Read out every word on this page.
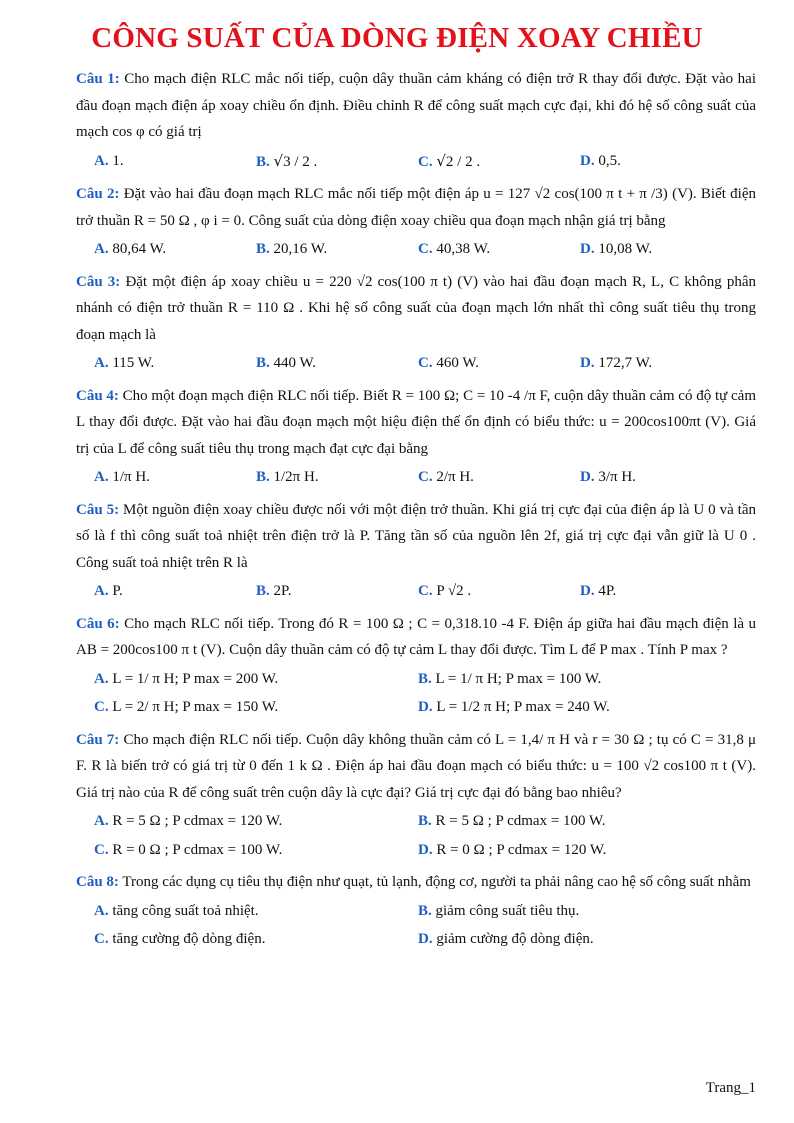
CÔNG SUẤT CỦA DÒNG ĐIỆN XOAY CHIỀU
Câu 1: Cho mạch điện RLC mắc nối tiếp, cuộn dây thuần cảm kháng có điện trở R thay đổi được. Đặt vào hai đầu đoạn mạch điện áp xoay chiều ổn định. Điều chỉnh R để công suất mạch cực đại, khi đó hệ số công suất của mạch cos φ có giá trị
A. 1.	B. √3 / 2 .	C. √2 / 2 .	D. 0,5.
Câu 2: Đặt vào hai đầu đoạn mạch RLC mắc nối tiếp một điện áp u = 127 √2 cos(100 π t + π /3) (V). Biết điện trở thuần R = 50 Ω , φ i = 0. Công suất của dòng điện xoay chiều qua đoạn mạch nhận giá trị bằng
A. 80,64 W.	B. 20,16 W.	C. 40,38 W.	D. 10,08 W.
Câu 3: Đặt một điện áp xoay chiều u = 220 √2 cos(100 π t) (V) vào hai đầu đoạn mạch R, L, C không phân nhánh có điện trở thuần R = 110 Ω . Khi hệ số công suất của đoạn mạch lớn nhất thì công suất tiêu thụ trong đoạn mạch là
A. 115 W.	B. 440 W.	C. 460 W.	D. 172,7 W.
Câu 4: Cho một đoạn mạch điện RLC nối tiếp. Biết R = 100 Ω; C = 10 -4 /π F, cuộn dây thuần cảm có độ tự cảm L thay đổi được. Đặt vào hai đầu đoạn mạch một hiệu điện thế ổn định có biểu thức: u = 200cos100πt (V). Giá trị của L để công suất tiêu thụ trong mạch đạt cực đại bằng
A. 1/π H.	B. 1/2π H.	C. 2/π H.	D. 3/π H.
Câu 5: Một nguồn điện xoay chiều được nối với một điện trở thuần. Khi giá trị cực đại của điện áp là U 0 và tần số là f thì công suất toả nhiệt trên điện trở là P. Tăng tần số của nguồn lên 2f, giá trị cực đại vẫn giữ là U 0 . Công suất toả nhiệt trên R là
A. P.	B. 2P.	C. P √2 .	D. 4P.
Câu 6: Cho mạch RLC nối tiếp. Trong đó R = 100 Ω ; C = 0,318.10 -4 F. Điện áp giữa hai đầu mạch điện là u AB = 200cos100 π t (V). Cuộn dây thuần cảm có độ tự cảm L thay đổi được. Tìm L để P max . Tính P max ?
A. L = 1/ π H; P max = 200 W.	B. L = 1/ π H; P max = 100 W.
C. L = 2/ π H; P max = 150 W.	D. L = 1/2 π H; P max = 240 W.
Câu 7: Cho mạch điện RLC nối tiếp. Cuộn dây không thuần cảm có L = 1,4/ π H và r = 30 Ω ; tụ có C = 31,8 μ F. R là biến trở có giá trị từ 0 đến 1 k Ω . Điện áp hai đầu đoạn mạch có biểu thức: u = 100 √2 cos100 π t (V). Giá trị nào của R để công suất trên cuộn dây là cực đại? Giá trị cực đại đó bằng bao nhiêu?
A. R = 5 Ω ; P cdmax = 120 W.	B. R = 5 Ω ; P cdmax = 100 W.
C. R = 0 Ω ; P cdmax = 100 W.	D. R = 0 Ω ; P cdmax = 120 W.
Câu 8: Trong các dụng cụ tiêu thụ điện như quạt, tủ lạnh, động cơ, người ta phải nâng cao hệ số công suất nhằm
A. tăng công suất toả nhiệt.	B. giảm công suất tiêu thụ.
C. tăng cường độ dòng điện.	D. giảm cường độ dòng điện.
Trang_1
